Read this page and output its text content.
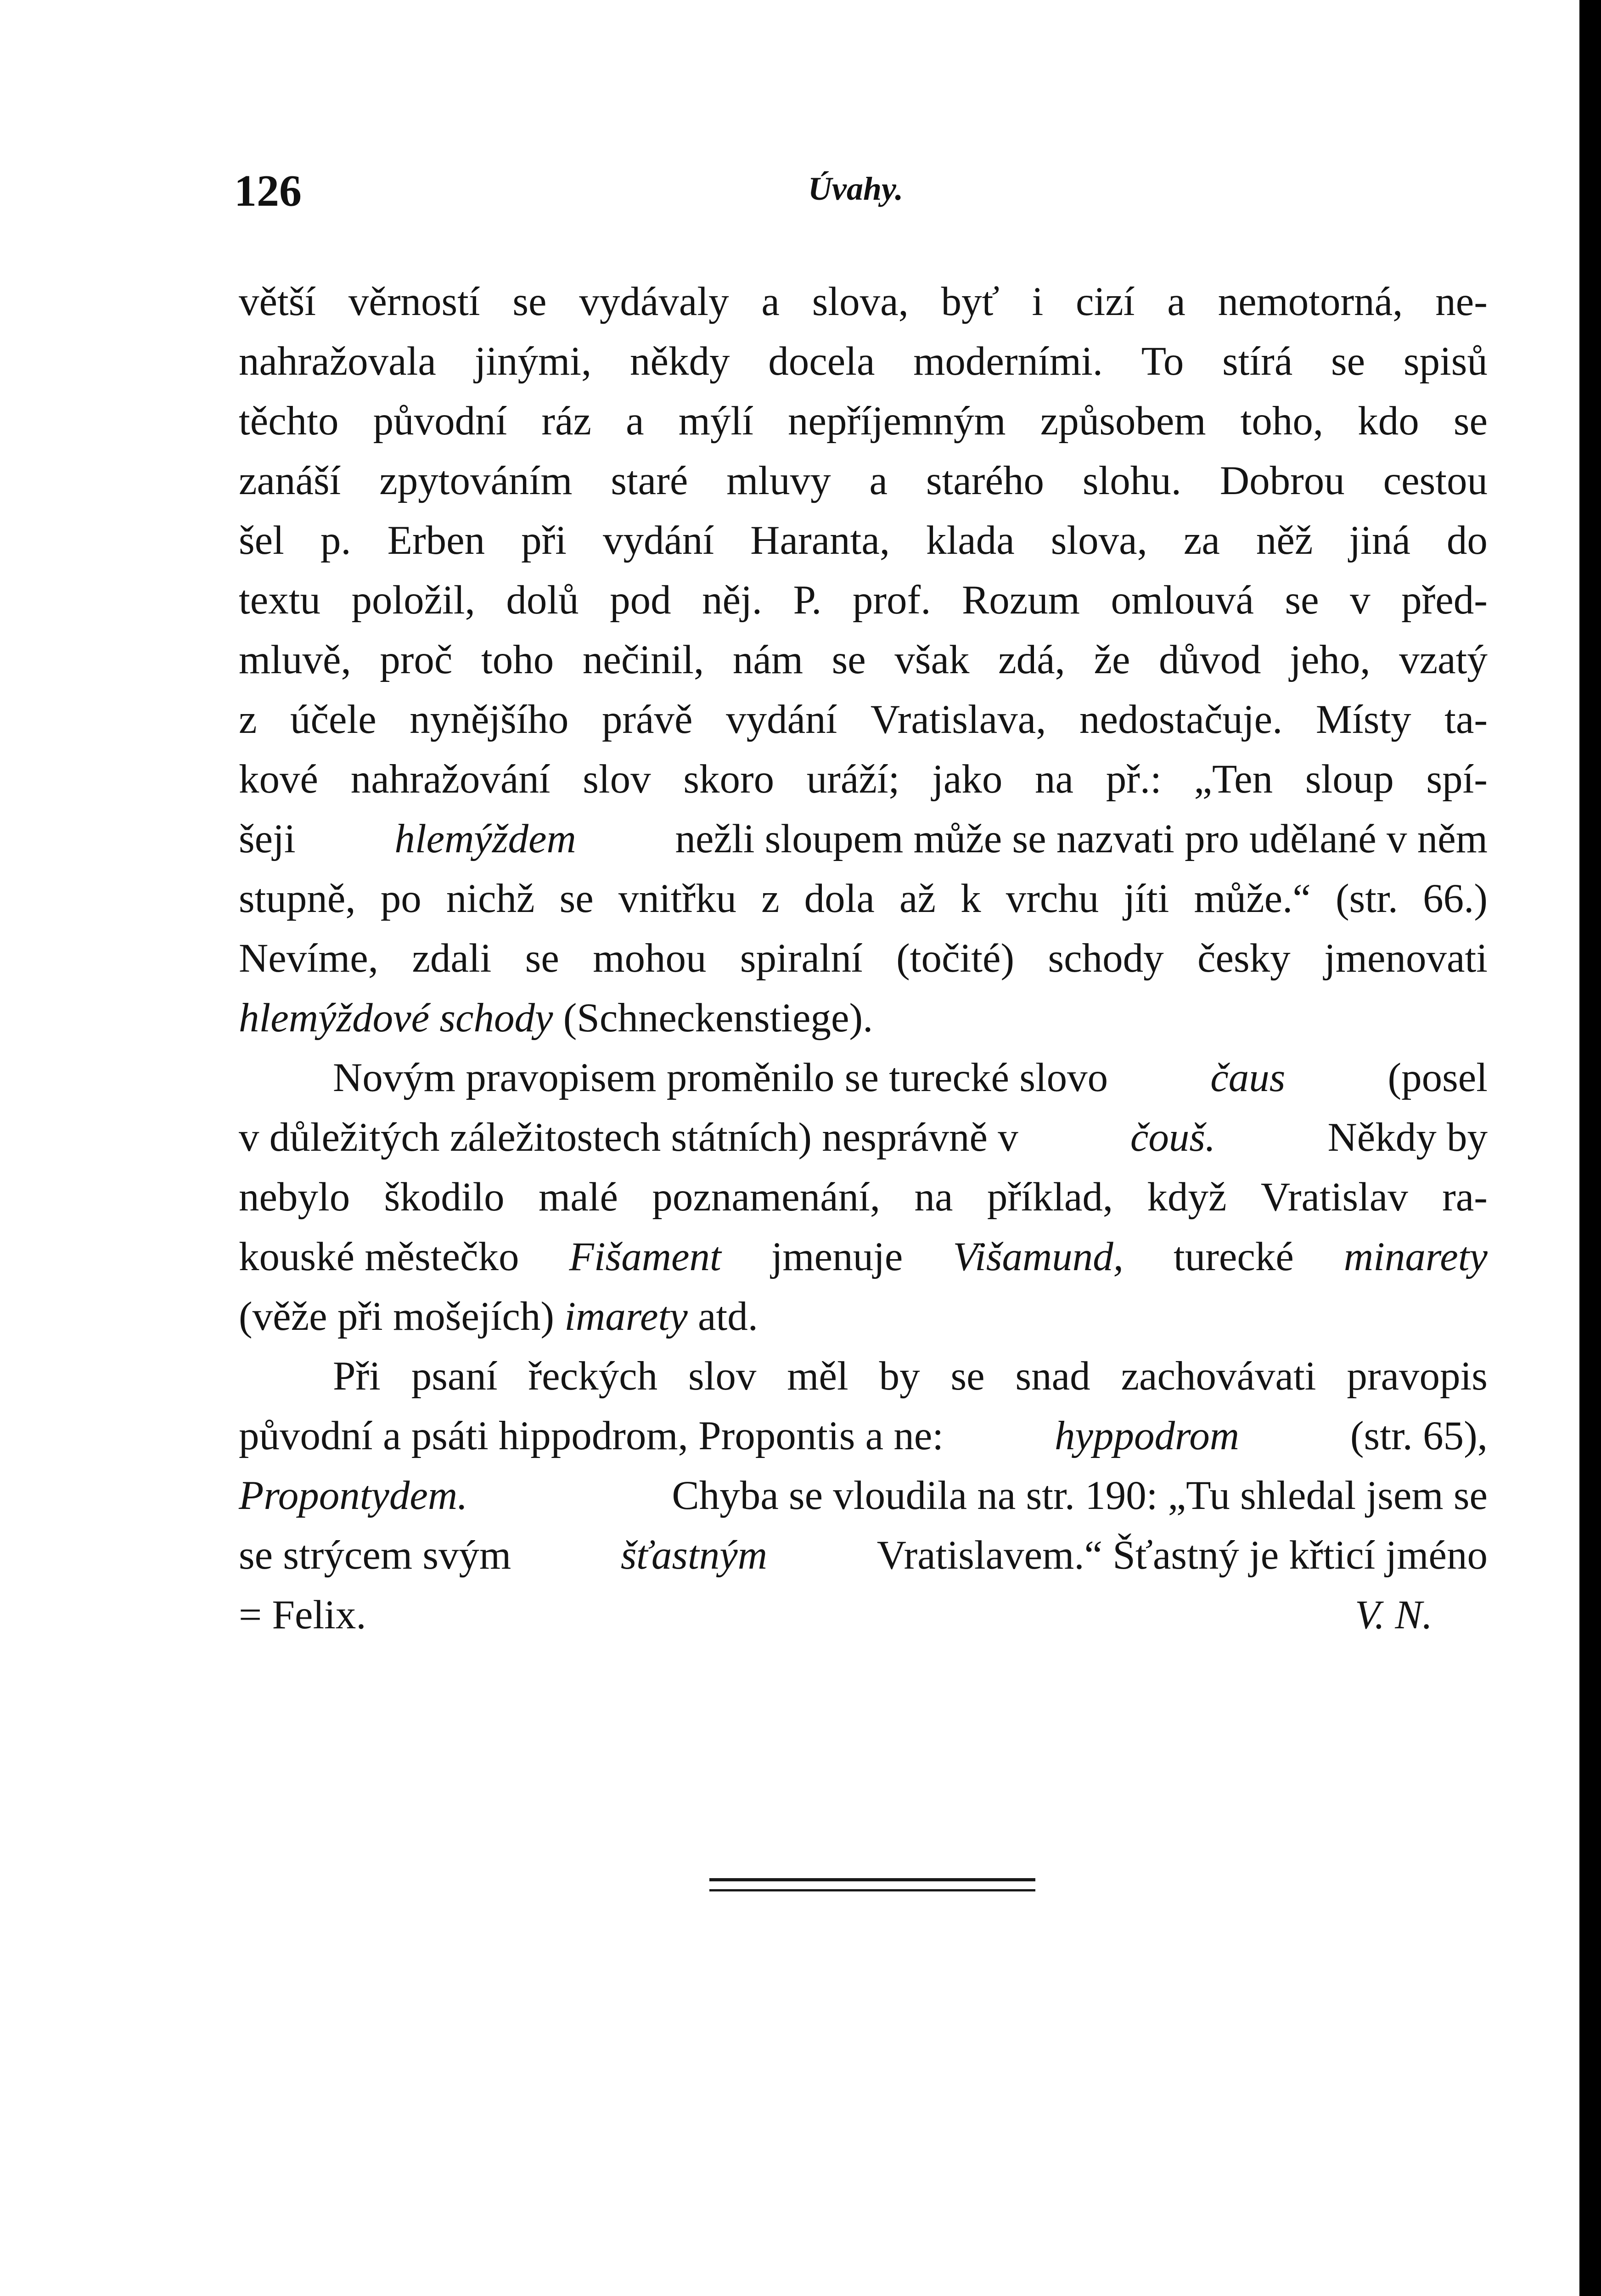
126	Úvahy.
větší věrností se vydávaly a slova, byť i cizí a nemotorná, ne-
nahražovala jinými, někdy docela moderními. To stírá se spisů
těchto původní ráz a mýlí nepříjemným způsobem toho, kdo se
zanáší zpytováním staré mluvy a starého slohu. Dobrou cestou
šel p. Erben při vydání Haranta, klada slova, za něž jiná do
textu položil, dolů pod něj. P. prof. Rozum omlouvá se v před-
mluvě, proč toho nečinil, nám se však zdá, že důvod jeho, vzatý
z účele nynějšího právě vydání Vratislava, nedostačuje. Místy ta-
kové nahražování slov skoro uráží; jako na př.: „Ten sloup spí-
šeji hlemýždem nežli sloupem může se nazvati pro udělané v něm
stupně, po nichž se vnitřku z dola až k vrchu jíti může.“ (str. 66.)
Nevíme, zdali se mohou spiralní (točité) schody česky jmenovati
hlemýždové schody
(Schneckenstiege).
Novým pravopisem proměnilo se turecké slovo	čaus	(posel
v důležitých záležitostech státních) nesprávně v	čouš.	Někdy by
nebylo škodilo malé poznamenání, na příklad, když Vratislav ra-
kouské městečko Fišament jmenuje Višamund, turecké minarety
(věže při mošejích)
imarety
atd.
Při psaní řeckých slov měl by se snad zachovávati pravopis
původní a psáti hippodrom, Propontis a ne:	hyppodrom	(str. 65),
Propontydem.	Chyba se vloudila na str. 190: „Tu shledal jsem se
se strýcem svým	šťastným	Vratislavem.“ Šťastný je křticí jméno
= Felix.	V. N.
